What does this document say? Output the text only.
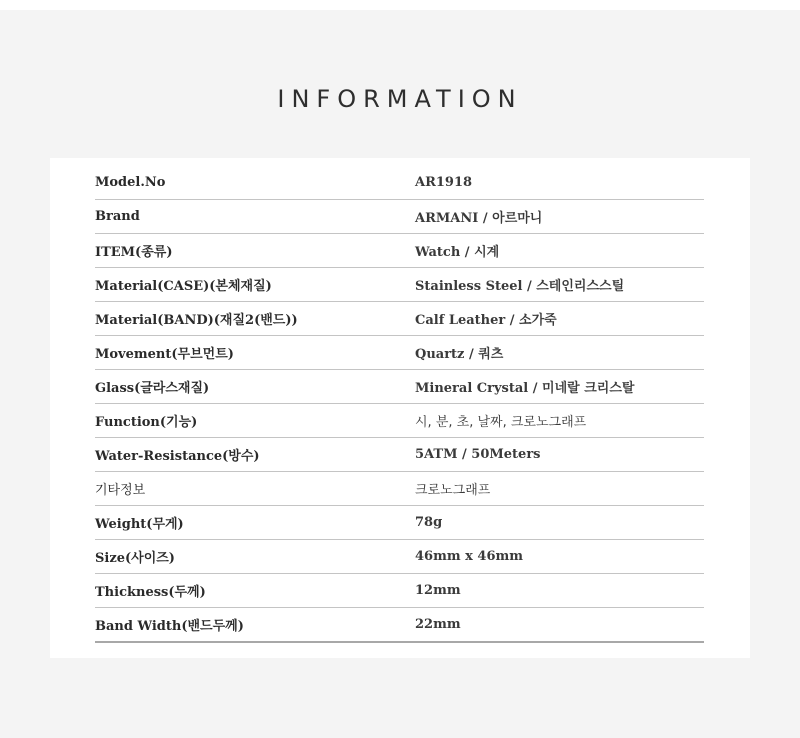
INFORMATION
Model.No	AR1918
Brand	ARMANI / 아르마니
ITEM(종류)	Watch / 시계
Material(CASE)(본체재질)	Stainless Steel / 스테인리스스틸
Material(BAND)(재질2(밴드))	Calf Leather / 소가죽
Movement(무브먼트)	Quartz / 쿼츠
Glass(글라스재질)	Mineral Crystal / 미네랄 크리스탈
Function(기능)	시, 분, 초, 날짜, 크로노그래프
Water-Resistance(방수)	5ATM / 50Meters
기타정보	크로노그래프
Weight(무게)	78g
Size(사이즈)	46mm x 46mm
Thickness(두께)	12mm
Band Width(밴드두께)	22mm
